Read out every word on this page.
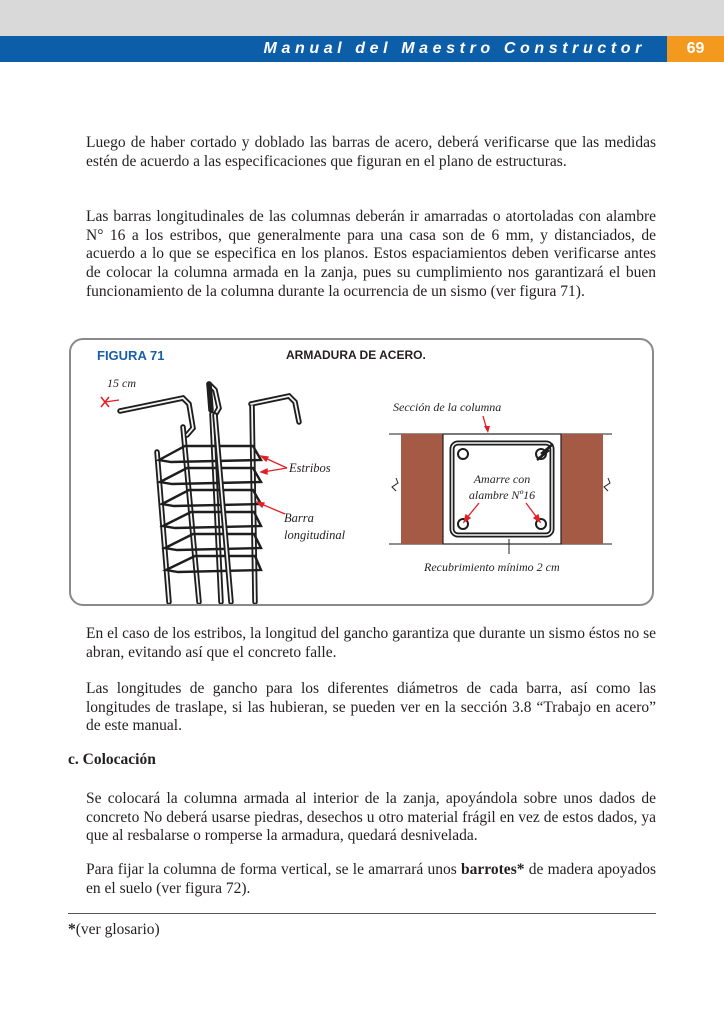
Manual del Maestro Constructor	69

Luego de haber cortado y doblado las barras de acero, deberá verificarse que las medidas estén de acuerdo a las especificaciones que figuran en el plano de estructuras.

Las barras longitudinales de las columnas deberán ir amarradas o atortoladas con alambre N° 16 a los estribos, que generalmente para una casa son de 6 mm, y distanciados, de acuerdo a lo que se especifica en los planos. Estos espaciamientos deben verificarse antes de colocar la columna armada en la zanja, pues su cumplimiento nos garantizará el buen funcionamiento de la columna durante la ocurrencia de un sismo (ver figura 71).

FIGURA 71	ARMADURA DE ACERO.
15 cm
Estribos
Barra
longitudinal
Sección de la columna
Amarre con
alambre Nº16
Recubrimiento mínimo 2 cm

En el caso de los estribos, la longitud del gancho garantiza que durante un sismo éstos no se abran, evitando así que el concreto falle.

Las longitudes de gancho para los diferentes diámetros de cada barra, así como las longitudes de traslape, si las hubieran, se pueden ver en la sección 3.8 “Trabajo en acero” de este manual.

c. Colocación

Se colocará la columna armada al interior de la zanja, apoyándola sobre unos dados de concreto No deberá usarse piedras, desechos u otro material frágil en vez de estos dados, ya que al resbalarse o romperse la armadura, quedará desnivelada.

Para fijar la columna de forma vertical, se le amarrará unos barrotes* de madera apoyados en el suelo (ver figura 72).

*(ver glosario)
